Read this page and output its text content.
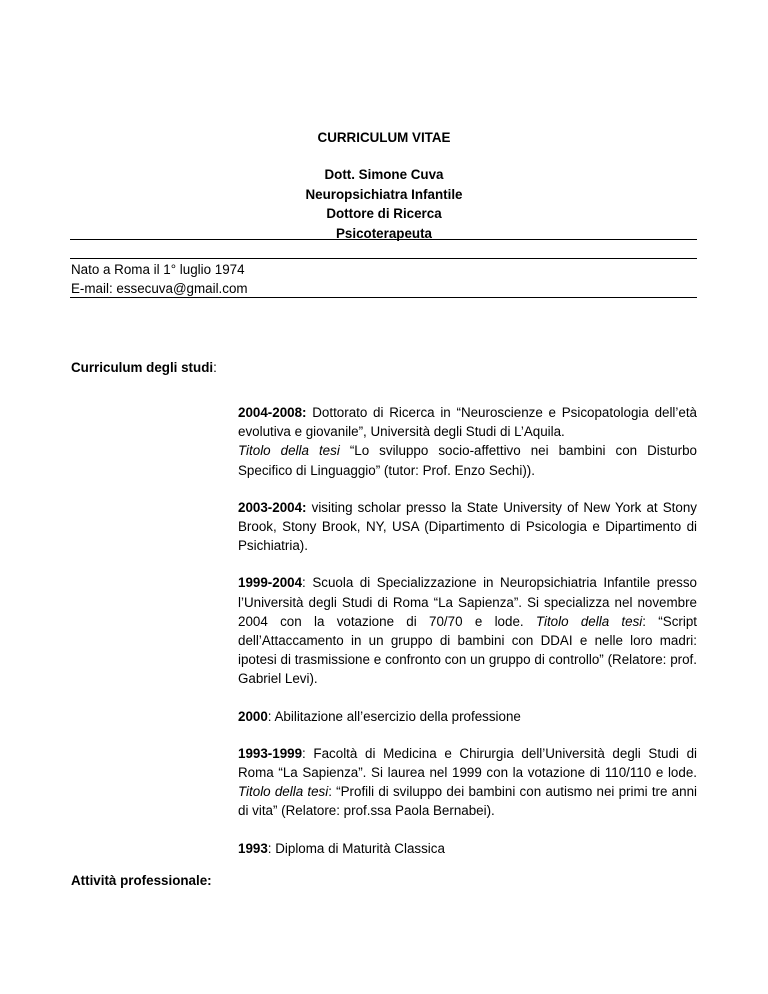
CURRICULUM VITAE
Dott. Simone Cuva
Neuropsichiatra Infantile
Dottore di Ricerca
Psicoterapeuta
Nato a Roma il 1° luglio 1974
E-mail: essecuva@gmail.com
Curriculum degli studi:

2004-2008: Dottorato di Ricerca in “Neuroscienze e Psicopatologia dell’età evolutiva e giovanile”, Università degli Studi di L’Aquila.
Titolo della tesi “Lo sviluppo socio-affettivo nei bambini con Disturbo Specifico di Linguaggio” (tutor: Prof. Enzo Sechi)).

2003-2004: visiting scholar presso la State University of New York at Stony Brook, Stony Brook, NY, USA (Dipartimento di Psicologia e Dipartimento di Psichiatria).

1999-2004: Scuola di Specializzazione in Neuropsichiatria Infantile presso l’Università degli Studi di Roma “La Sapienza”. Si specializza nel novembre 2004 con la votazione di 70/70 e lode. Titolo della tesi: “Script dell’Attaccamento in un gruppo di bambini con DDAI e nelle loro madri: ipotesi di trasmissione e confronto con un gruppo di controllo” (Relatore: prof. Gabriel Levi).

2000: Abilitazione all’esercizio della professione

1993-1999: Facoltà di Medicina e Chirurgia dell’Università degli Studi di Roma “La Sapienza”. Si laurea nel 1999 con la votazione di 110/110 e lode. Titolo della tesi: “Profili di sviluppo dei bambini con autismo nei primi tre anni di vita” (Relatore: prof.ssa Paola Bernabei).

1993: Diploma di Maturità Classica

Attività professionale:
